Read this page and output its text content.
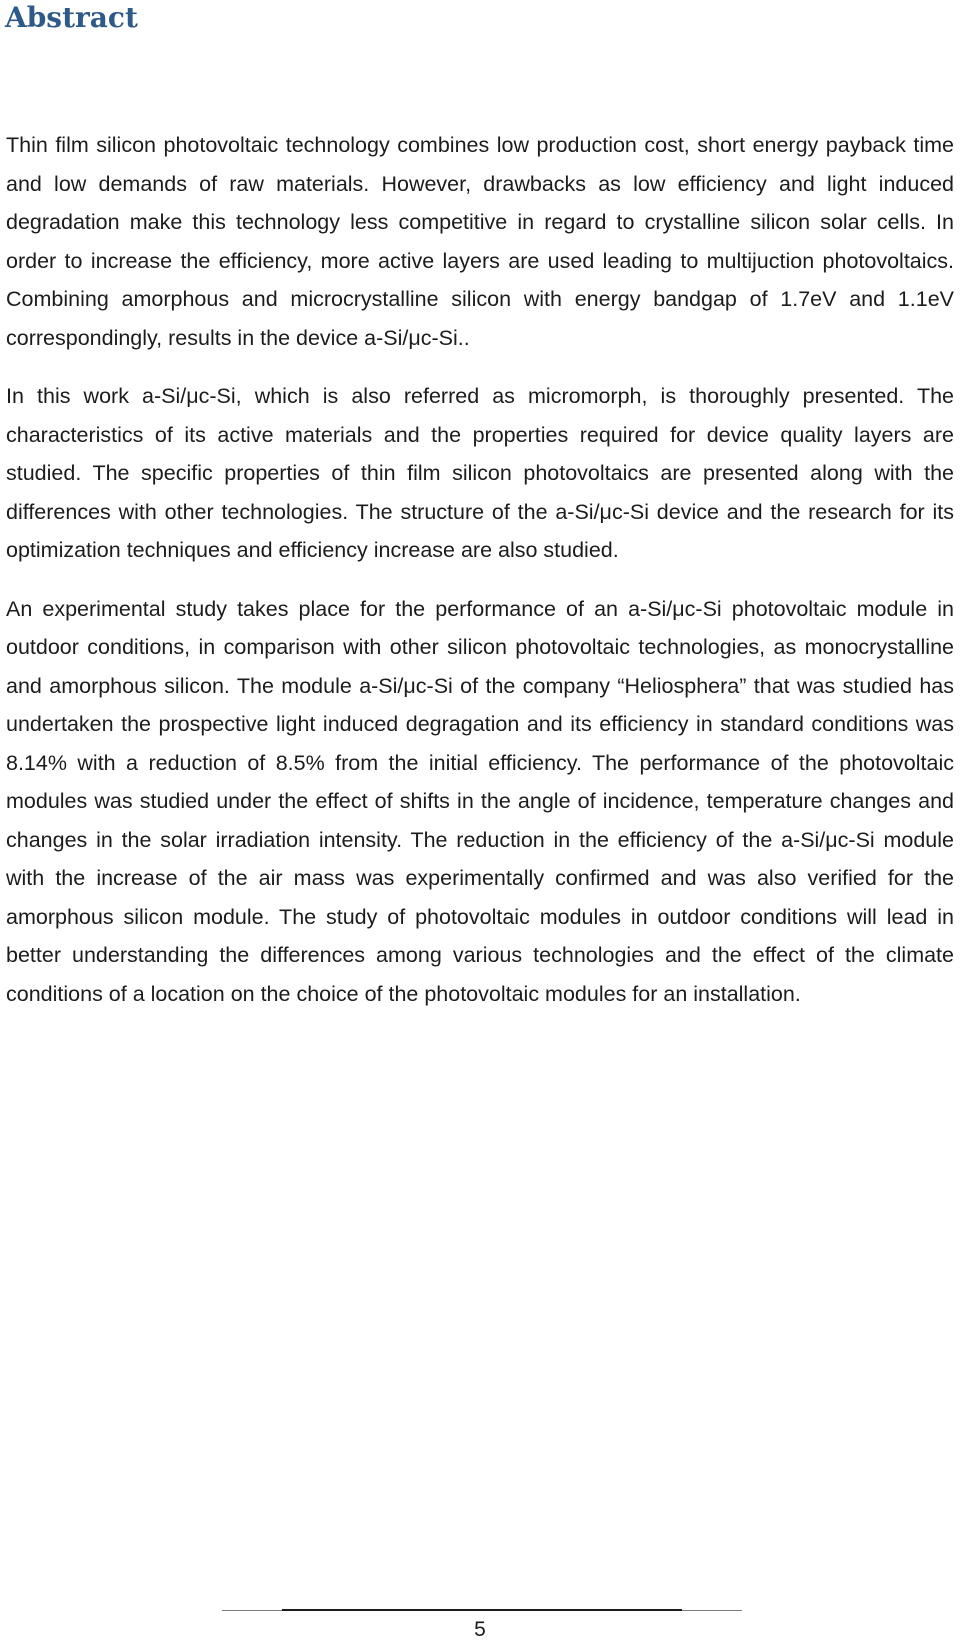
Abstract

Thin film silicon photovoltaic technology combines low production cost, short energy payback time and low demands of raw materials. However, drawbacks as low efficiency and light induced degradation make this technology less competitive in regard to crystalline silicon solar cells. In order to increase the efficiency, more active layers are used leading to multijuction photovoltaics. Combining amorphous and microcrystalline silicon with energy bandgap of 1.7eV and 1.1eV correspondingly, results in the device a-Si/μc-Si..

In this work a-Si/μc-Si, which is also referred as micromorph, is thoroughly presented. The characteristics of its active materials and the properties required for device quality layers are studied. The specific properties of thin film silicon photovoltaics are presented along with the differences with other technologies. The structure of the a-Si/μc-Si device and the research for its optimization techniques and efficiency increase are also studied.

An experimental study takes place for the performance of an a-Si/μc-Si photovoltaic module in outdoor conditions, in comparison with other silicon photovoltaic technologies, as monocrystalline and amorphous silicon. The module a-Si/μc-Si of the company “Heliosphera” that was studied has undertaken the prospective light induced degragation and its efficiency in standard conditions was 8.14% with a reduction of 8.5% from the initial efficiency. The performance of the photovoltaic modules was studied under the effect of shifts in the angle of incidence, temperature changes and changes in the solar irradiation intensity. The reduction in the efficiency of the a-Si/μc-Si module with the increase of the air mass was experimentally confirmed and was also verified for the amorphous silicon module. The study of photovoltaic modules in outdoor conditions will lead in better understanding the differences among various technologies and the effect of the climate conditions of a location on the choice of the photovoltaic modules for an installation.

5
